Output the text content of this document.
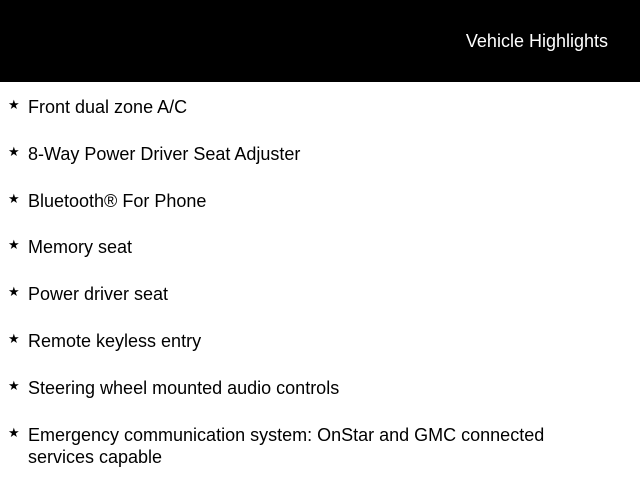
Vehicle Highlights
★ Front dual zone A/C
★ 8-Way Power Driver Seat Adjuster
★ Bluetooth® For Phone
★ Memory seat
★ Power driver seat
★ Remote keyless entry
★ Steering wheel mounted audio controls
★ Emergency communication system: OnStar and GMC connected services capable
